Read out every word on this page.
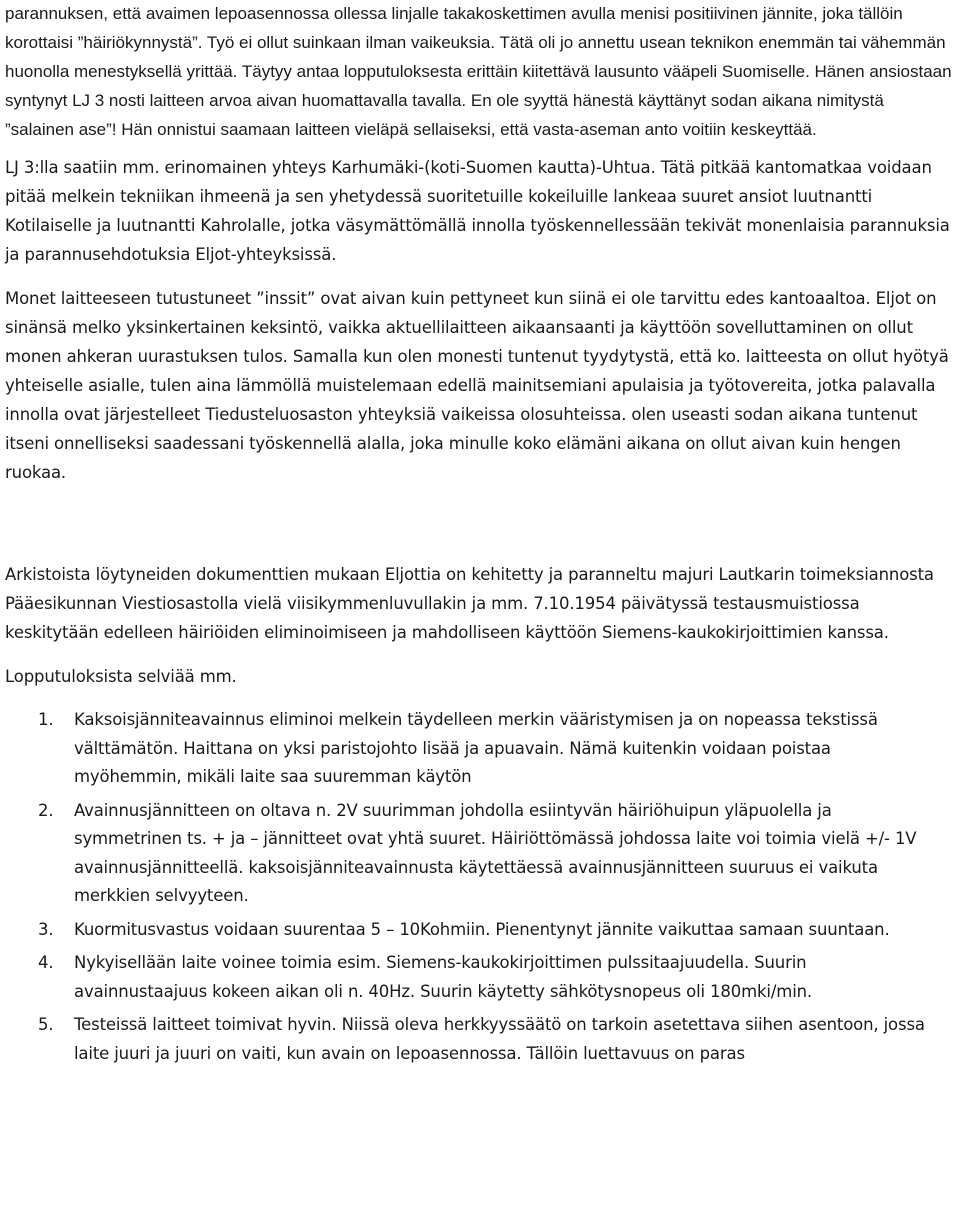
parannuksen, että avaimen lepoasennossa ollessa linjalle takakoskettimen avulla menisi positiivinen jännite, joka tällöin korottaisi ”häiriökynnystä”. Työ ei ollut suinkaan ilman vaikeuksia. Tätä oli jo annettu usean teknikon enemmän tai vähemmän huonolla menestyksellä yrittää. Täytyy antaa lopputuloksesta erittäin kiitettävä lausunto vääpeli Suomiselle. Hänen ansiostaan syntynyt LJ 3 nosti laitteen arvoa aivan huomattavalla tavalla. En ole syyttä hänestä käyttänyt sodan aikana nimitystä ”salainen ase”! Hän onnistui saamaan laitteen vieläpä sellaiseksi, että vasta-aseman anto voitiin keskeyttää.

LJ 3:lla saatiin mm. erinomainen yhteys Karhumäki-(koti-Suomen kautta)-Uhtua. Tätä pitkää kantomatkaa voidaan pitää melkein tekniikan ihmeenä ja sen yhetydessä suoritetuille kokeiluille lankeaa suuret ansiot luutnantti Kotilaiselle ja luutnantti Kahrolalle, jotka väsymättömällä innolla työskennellessään tekivät monenlaisia parannuksia ja parannusehdotuksia Eljot-yhteyksissä.

Monet laitteeseen tutustuneet ”inssit” ovat aivan kuin pettyneet kun siinä ei ole tarvittu edes kantoaaltoa. Eljot on sinänsä melko yksinkertainen keksintö, vaikka aktuellilaitteen aikaansaanti ja käyttöön sovelluttaminen on ollut monen ahkeran uurastuksen tulos. Samalla kun olen monesti tuntenut tyydytystä, että ko. laitteesta on ollut hyötyä yhteiselle asialle, tulen aina lämmöllä muistelemaan edellä mainitsemiani apulaisia ja työtovereita, jotka palavalla innolla ovat järjestelleet Tiedusteluosaston yhteyksiä vaikeissa olosuhteissa. olen useasti sodan aikana tuntenut itseni onnelliseksi saadessani työskennellä alalla, joka minulle koko elämäni aikana on ollut aivan kuin hengen ruokaa.

Arkistoista löytyneiden dokumenttien mukaan Eljottia on kehitetty ja paranneltu majuri Lautkarin toimeksiannosta Pääesikunnan Viestiosastolla vielä viisikymmenluvullakin ja mm. 7.10.1954 päivätyssä testausmuistiossa keskitytään edelleen häiriöiden eliminoimiseen ja mahdolliseen käyttöön Siemens-kaukokirjoittimien kanssa.

Lopputuloksista selviää mm.

1.	Kaksoisjänniteavainnus eliminoi melkein täydelleen merkin vääristymisen ja on nopeassa tekstissä välttämätön. Haittana on yksi paristojohto lisää ja apuavain. Nämä kuitenkin voidaan poistaa myöhemmin, mikäli laite saa suuremman käytön
2.	Avainnusjännitteen on oltava n. 2V suurimman johdolla esiintyvän häiriöhuipun yläpuolella ja symmetrinen ts. + ja – jännitteet ovat yhtä suuret. Häiriöttömässä johdossa laite voi toimia vielä +/- 1V avainnusjännitteellä. kaksoisjänniteavainnusta käytettäessä avainnusjännitteen suuruus ei vaikuta merkkien selvyyteen.
3.	Kuormitusvastus voidaan suurentaa 5 – 10Kohmiin. Pienentynyt jännite vaikuttaa samaan suuntaan.
4.	Nykyisellään laite voinee toimia esim. Siemens-kaukokirjoittimen pulssitaajuudella. Suurin avainnustaajuus kokeen aikan oli n. 40Hz. Suurin käytetty sähkötysnopeus oli 180mki/min.
5.	Testeissä laitteet toimivat hyvin. Niissä oleva herkkyyssäätö on tarkoin asetettava siihen asentoon, jossa laite juuri ja juuri on vaiti, kun avain on lepoasennossa. Tällöin luettavuus on paras
